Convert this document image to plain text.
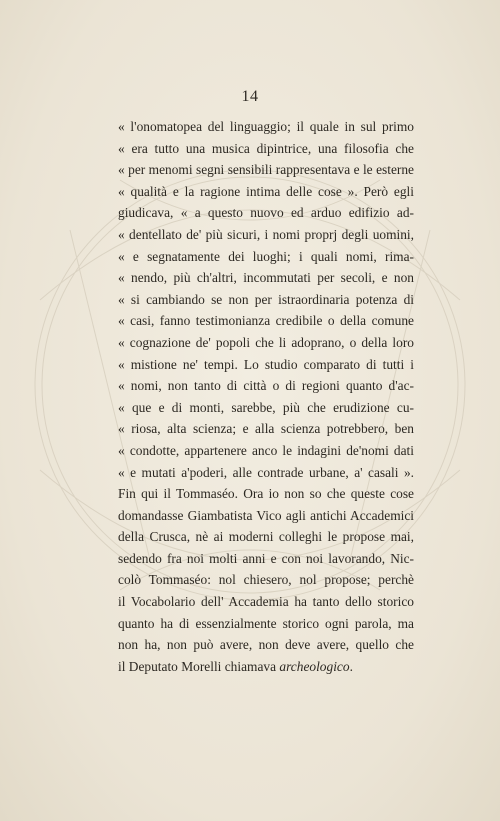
14
« l'onomatopea del linguaggio; il quale in sul primo
« era tutto una musica dipintrice, una filosofia che
« per menomi segni sensibili rappresentava e le esterne
« qualità e la ragione intima delle cose ». Però egli
giudicava, « a questo nuovo ed arduo edifizio ad-
« dentellato de' più sicuri, i nomi proprj degli uomini,
« e segnatamente dei luoghi; i quali nomi, rima-
« nendo, più ch'altri, incommutati per secoli, e non
« si cambiando se non per istraordinaria potenza di
« casi, fanno testimonianza credibile o della comune
« cognazione de' popoli che li adoprano, o della loro
« mistione ne' tempi. Lo studio comparato di tutti i
« nomi, non tanto di città o di regioni quanto d'ac-
« que e di monti, sarebbe, più che erudizione cu-
« riosa, alta scienza; e alla scienza potrebbero, ben
« condotte, appartenere anco le indagini de'nomi dati
« e mutati a'poderi, alle contrade urbane, a' casali ».
Fin qui il Tommaséo. Ora io non so che queste cose
domandasse Giambatista Vico agli antichi Accademici
della Crusca, nè ai moderni colleghi le propose mai,
sedendo fra noi molti anni e con noi lavorando, Nic-
colò Tommaséo: nol chiesero, nol propose; perchè
il Vocabolario dell' Accademia ha tanto dello storico
quanto ha di essenzialmente storico ogni parola, ma
non ha, non può avere, non deve avere, quello che
il Deputato Morelli chiamava archeologico.
